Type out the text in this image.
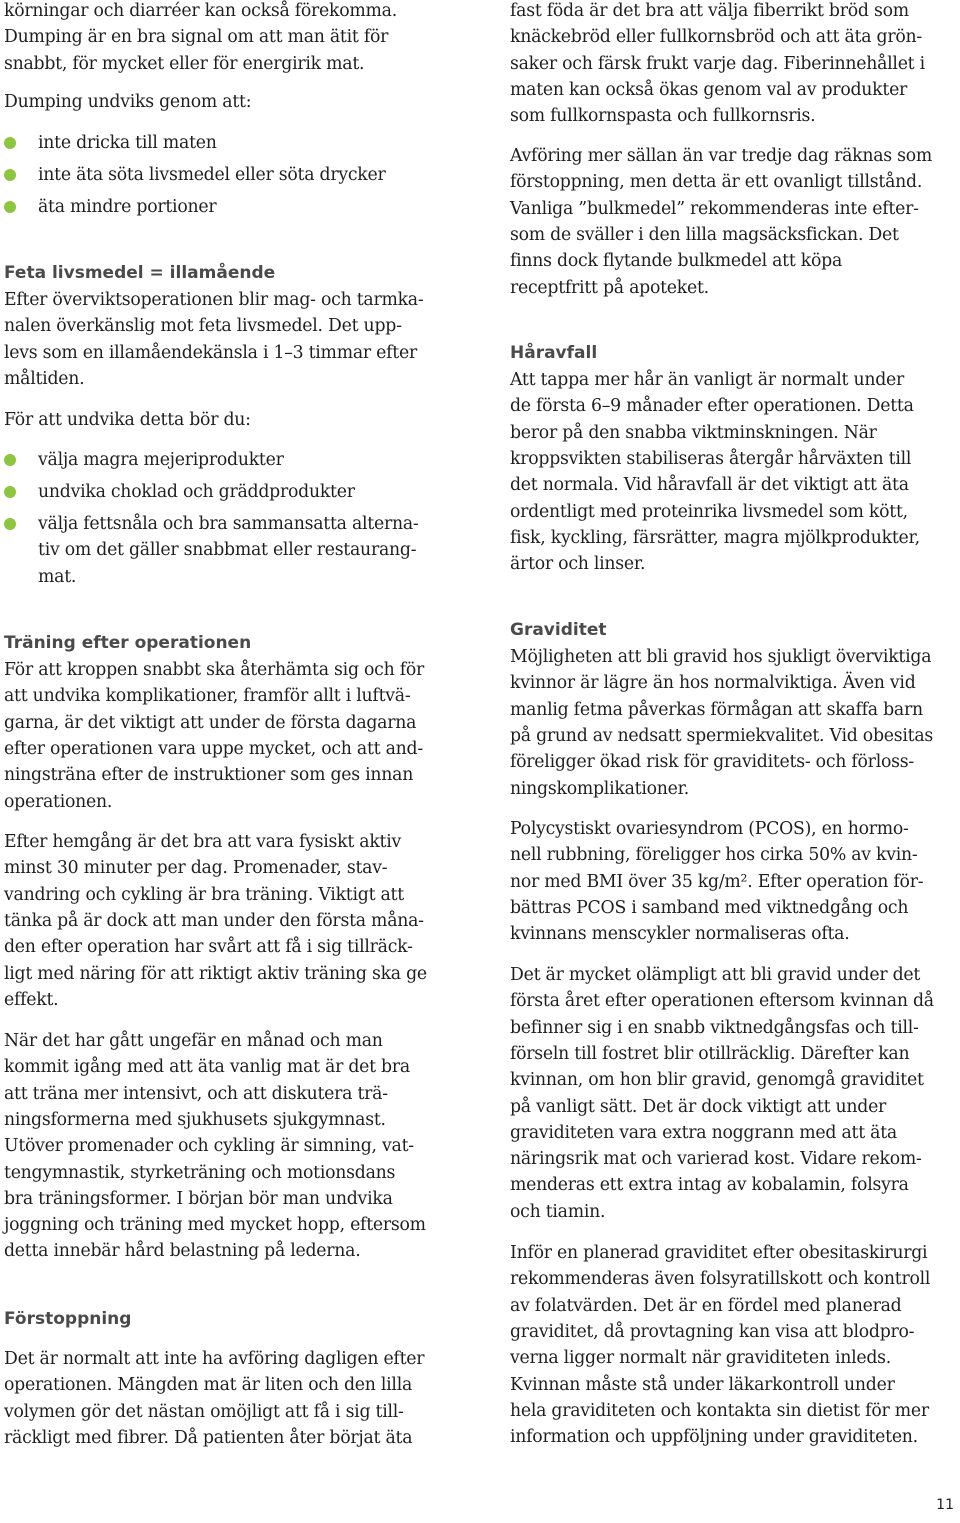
körningar och diarréer kan också förekomma.
Dumping är en bra signal om att man ätit för
snabbt, för mycket eller för energirik mat.
Dumping undviks genom att:
inte dricka till maten
inte äta söta livsmedel eller söta drycker
äta mindre portioner
Feta livsmedel = illamående
Efter överviktsoperationen blir mag- och tarmka-
nalen överkänslig mot feta livsmedel. Det upp-
levs som en illamåendekänsla i 1–3 timmar efter
måltiden.
För att undvika detta bör du:
välja magra mejeriprodukter
undvika choklad och gräddprodukter
välja fettsnåla och bra sammansatta alterna-
tiv om det gäller snabbmat eller restaurang-
mat.
Träning efter operationen
För att kroppen snabbt ska återhämta sig och för
att undvika komplikationer, framför allt i luftvä-
garna, är det viktigt att under de första dagarna
efter operationen vara uppe mycket, och att and-
ningsträna efter de instruktioner som ges innan
operationen.
Efter hemgång är det bra att vara fysiskt aktiv
minst 30 minuter per dag. Promenader, stav-
vandring och cykling är bra träning. Viktigt att
tänka på är dock att man under den första måna-
den efter operation har svårt att få i sig tillräck-
ligt med näring för att riktigt aktiv träning ska ge
effekt.
När det har gått ungefär en månad och man
kommit igång med att äta vanlig mat är det bra
att träna mer intensivt, och att diskutera trä-
ningsformerna med sjukhusets sjukgymnast.
Utöver promenader och cykling är simning, vat-
tengymnastik, styrketräning och motionsdans
bra träningsformer. I början bör man undvika
joggning och träning med mycket hopp, eftersom
detta innebär hård belastning på lederna.
Förstoppning
Det är normalt att inte ha avföring dagligen efter
operationen. Mängden mat är liten och den lilla
volymen gör det nästan omöjligt att få i sig till-
räckligt med fibrer. Då patienten åter börjat äta
fast föda är det bra att välja fiberrikt bröd som
knäckebröd eller fullkornsbröd och att äta grön-
saker och färsk frukt varje dag. Fiberinnehållet i
maten kan också ökas genom val av produkter
som fullkornspasta och fullkornsris.
Avföring mer sällan än var tredje dag räknas som
förstoppning, men detta är ett ovanligt tillstånd.
Vanliga ”bulkmedel” rekommenderas inte efter-
som de sväller i den lilla magsäcksfickan. Det
finns dock flytande bulkmedel att köpa
receptfritt på apoteket.
Håravfall
Att tappa mer hår än vanligt är normalt under
de första 6–9 månader efter operationen. Detta
beror på den snabba viktminskningen. När
kroppsvikten stabiliseras återgår hårväxten till
det normala. Vid håravfall är det viktigt att äta
ordentligt med proteinrika livsmedel som kött,
fisk, kyckling, färsrätter, magra mjölkprodukter,
ärtor och linser.
Graviditet
Möjligheten att bli gravid hos sjukligt överviktiga
kvinnor är lägre än hos normalviktiga. Även vid
manlig fetma påverkas förmågan att skaffa barn
på grund av nedsatt spermiekvalitet. Vid obesitas
föreligger ökad risk för graviditets- och förloss-
ningskomplikationer.
Polycystiskt ovariesyndrom (PCOS), en hormo-
nell rubbning, föreligger hos cirka 50% av kvin-
nor med BMI över 35 kg/m². Efter operation för-
bättras PCOS i samband med viktnedgång och
kvinnans menscykler normaliseras ofta.
Det är mycket olämpligt att bli gravid under det
första året efter operationen eftersom kvinnan då
befinner sig i en snabb viktnedgångsfas och till-
förseln till fostret blir otillräcklig. Därefter kan
kvinnan, om hon blir gravid, genomgå graviditet
på vanligt sätt. Det är dock viktigt att under
graviditeten vara extra noggrann med att äta
näringsrik mat och varierad kost. Vidare rekom-
menderas ett extra intag av kobalamin, folsyra
och tiamin.
Inför en planerad graviditet efter obesitaskirurgi
rekommenderas även folsyratillskott och kontroll
av folatvärden. Det är en fördel med planerad
graviditet, då provtagning kan visa att blodpro-
verna ligger normalt när graviditeten inleds.
Kvinnan måste stå under läkarkontroll under
hela graviditeten och kontakta sin dietist för mer
information och uppföljning under graviditeten.
11
